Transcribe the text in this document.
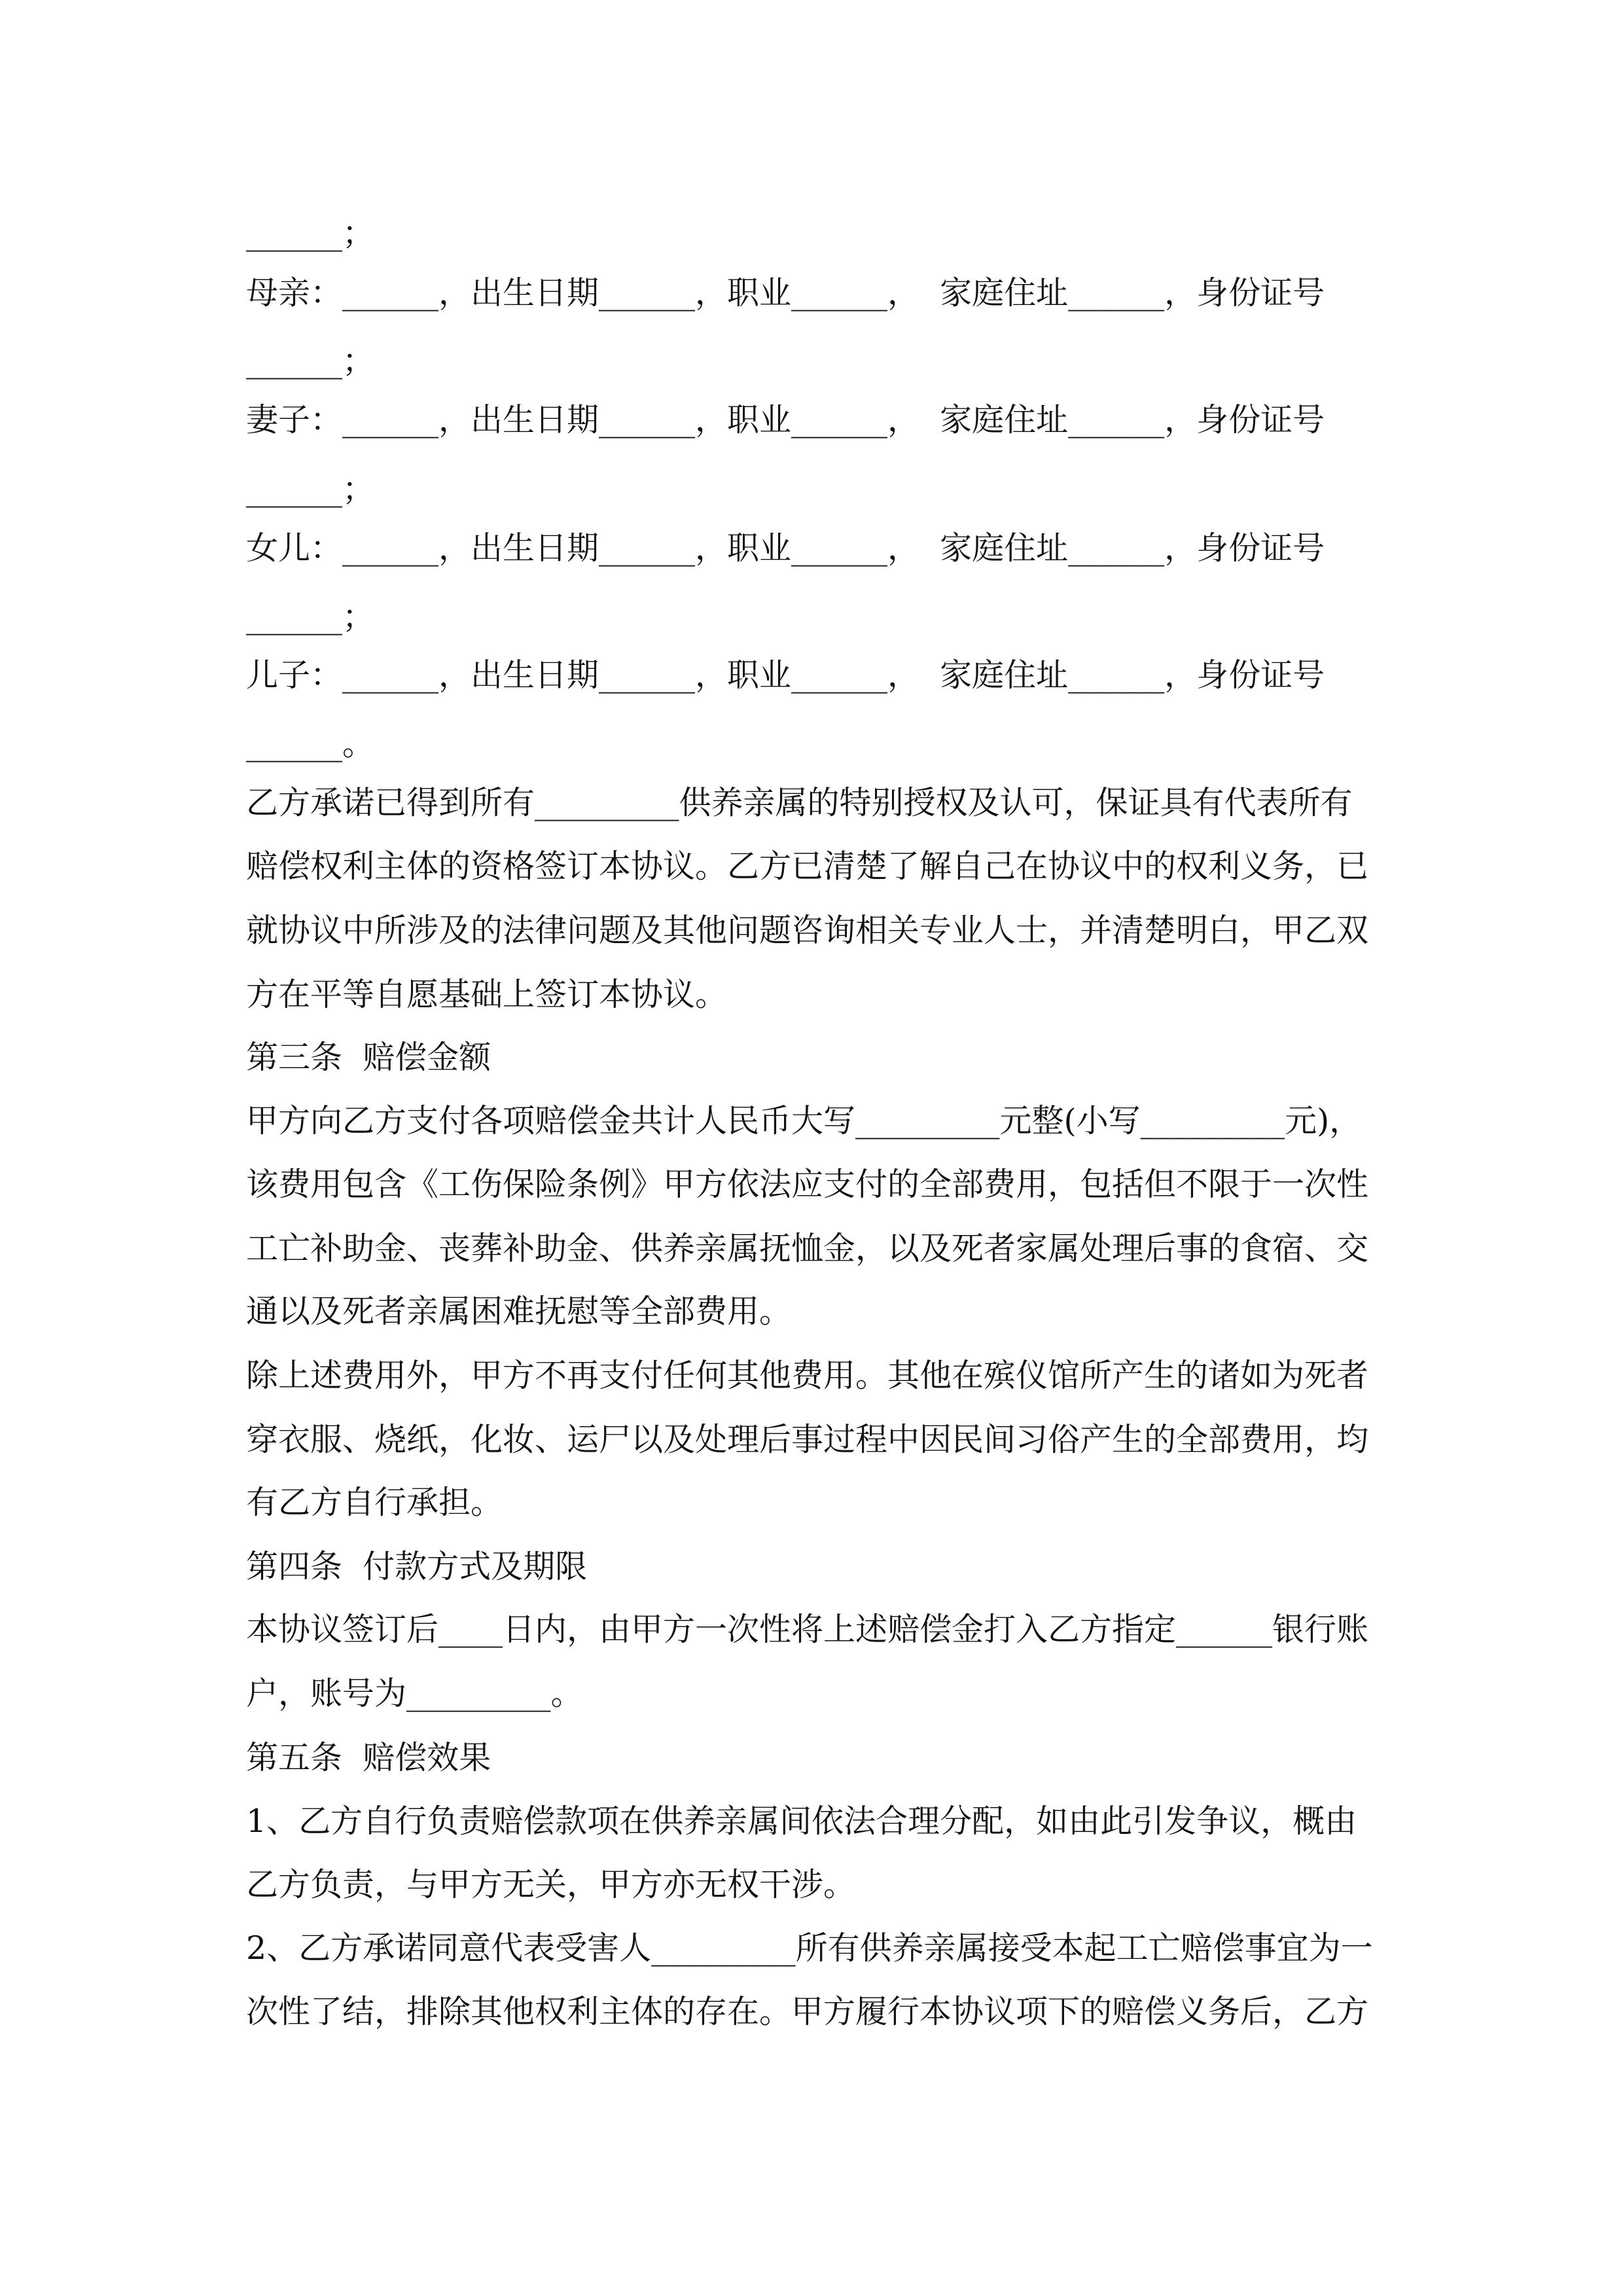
______；
母亲：______，出生日期______，职业______，  家庭住址______，身份证号
______；
妻子：______，出生日期______，职业______，  家庭住址______，身份证号
______；
女儿：______，出生日期______，职业______，  家庭住址______，身份证号
______；
儿子：______，出生日期______，职业______，  家庭住址______，身份证号
______。
乙方承诺已得到所有_________供养亲属的特别授权及认可，保证具有代表所有
赔偿权利主体的资格签订本协议。乙方已清楚了解自己在协议中的权利义务，已
就协议中所涉及的法律问题及其他问题咨询相关专业人士，并清楚明白，甲乙双
方在平等自愿基础上签订本协议。
第三条  赔偿金额
甲方向乙方支付各项赔偿金共计人民币大写_________元整(小写_________元)，
该费用包含《工伤保险条例》甲方依法应支付的全部费用，包括但不限于一次性
工亡补助金、丧葬补助金、供养亲属抚恤金，以及死者家属处理后事的食宿、交
通以及死者亲属困难抚慰等全部费用。
除上述费用外，甲方不再支付任何其他费用。其他在殡仪馆所产生的诸如为死者
穿衣服、烧纸，化妆、运尸以及处理后事过程中因民间习俗产生的全部费用，均
有乙方自行承担。
第四条  付款方式及期限
本协议签订后____日内，由甲方一次性将上述赔偿金打入乙方指定______银行账
户，账号为_________。
第五条  赔偿效果
1、乙方自行负责赔偿款项在供养亲属间依法合理分配，如由此引发争议，概由
乙方负责，与甲方无关，甲方亦无权干涉。
2、乙方承诺同意代表受害人_________所有供养亲属接受本起工亡赔偿事宜为一
次性了结，排除其他权利主体的存在。甲方履行本协议项下的赔偿义务后，乙方
